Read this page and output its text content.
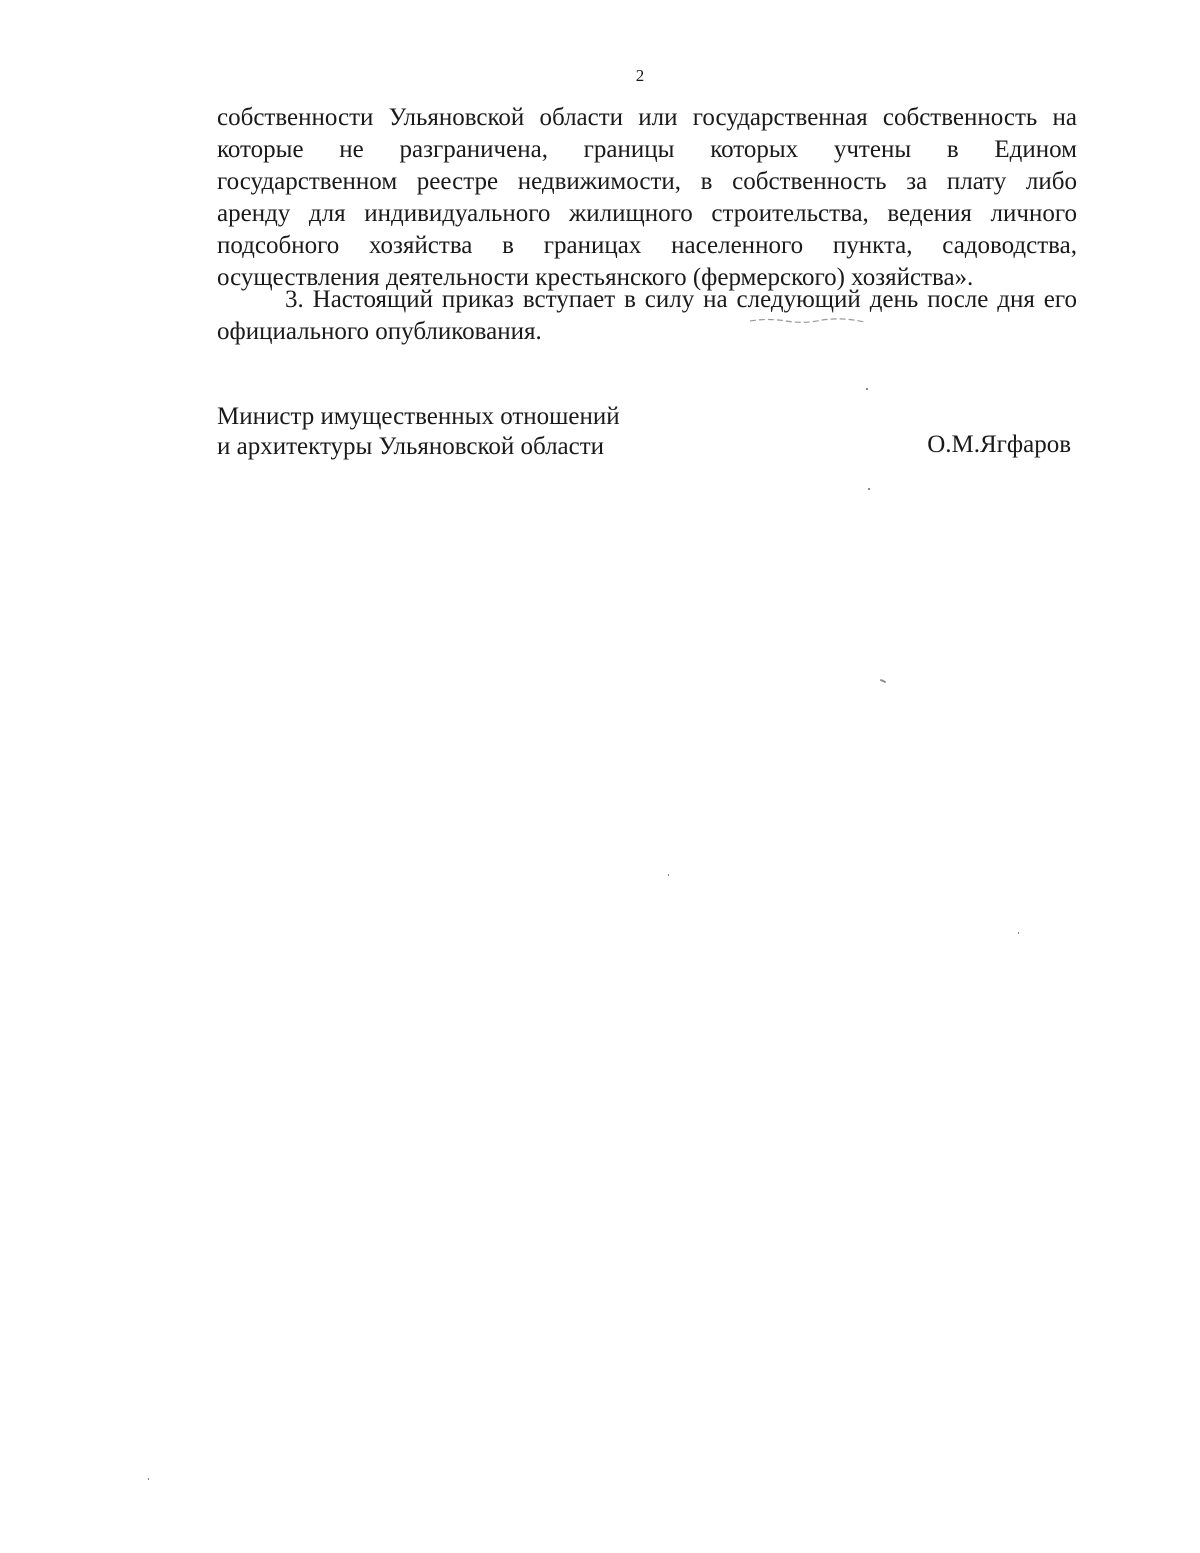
2
собственности Ульяновской области или государственная собственность на
которые не разграничена, границы которых учтены в Едином
государственном реестре недвижимости, в собственность за плату либо
аренду для индивидуального жилищного строительства, ведения личного
подсобного хозяйства в границах населенного пункта, садоводства,
осуществления деятельности крестьянского (фермерского) хозяйства».
3. Настоящий приказ вступает в силу на следующий день после дня его
официального опубликования.
Министр имущественных отношений
и архитектуры Ульяновской области	О.М.Ягфаров
